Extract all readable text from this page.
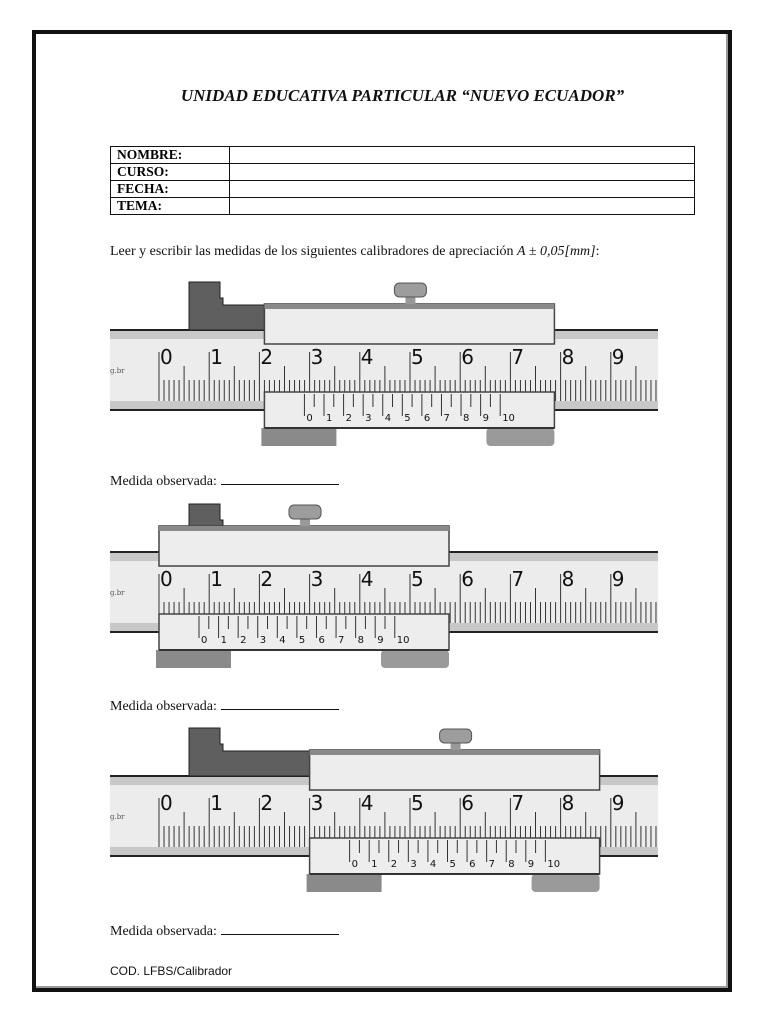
UNIDAD EDUCATIVA PARTICULAR “NUEVO ECUADOR”
NOMBRE:	
CURSO:	
FECHA:	
TEMA:	
Leer y escribir las medidas de los siguientes calibradores de apreciación A ± 0,05[mm]:
g.br
0 1 2 3 4 5 6 7 8 9
0 1 2 3 4 5 6 7 8 9 10
Medida observada:
g.br
0 1 2 3 4 5 6 7 8 9
0 1 2 3 4 5 6 7 8 9 10
Medida observada:
g.br
0 1 2 3 4 5 6 7 8 9
0 1 2 3 4 5 6 7 8 9 10
Medida observada:
COD. LFBS/Calibrador
